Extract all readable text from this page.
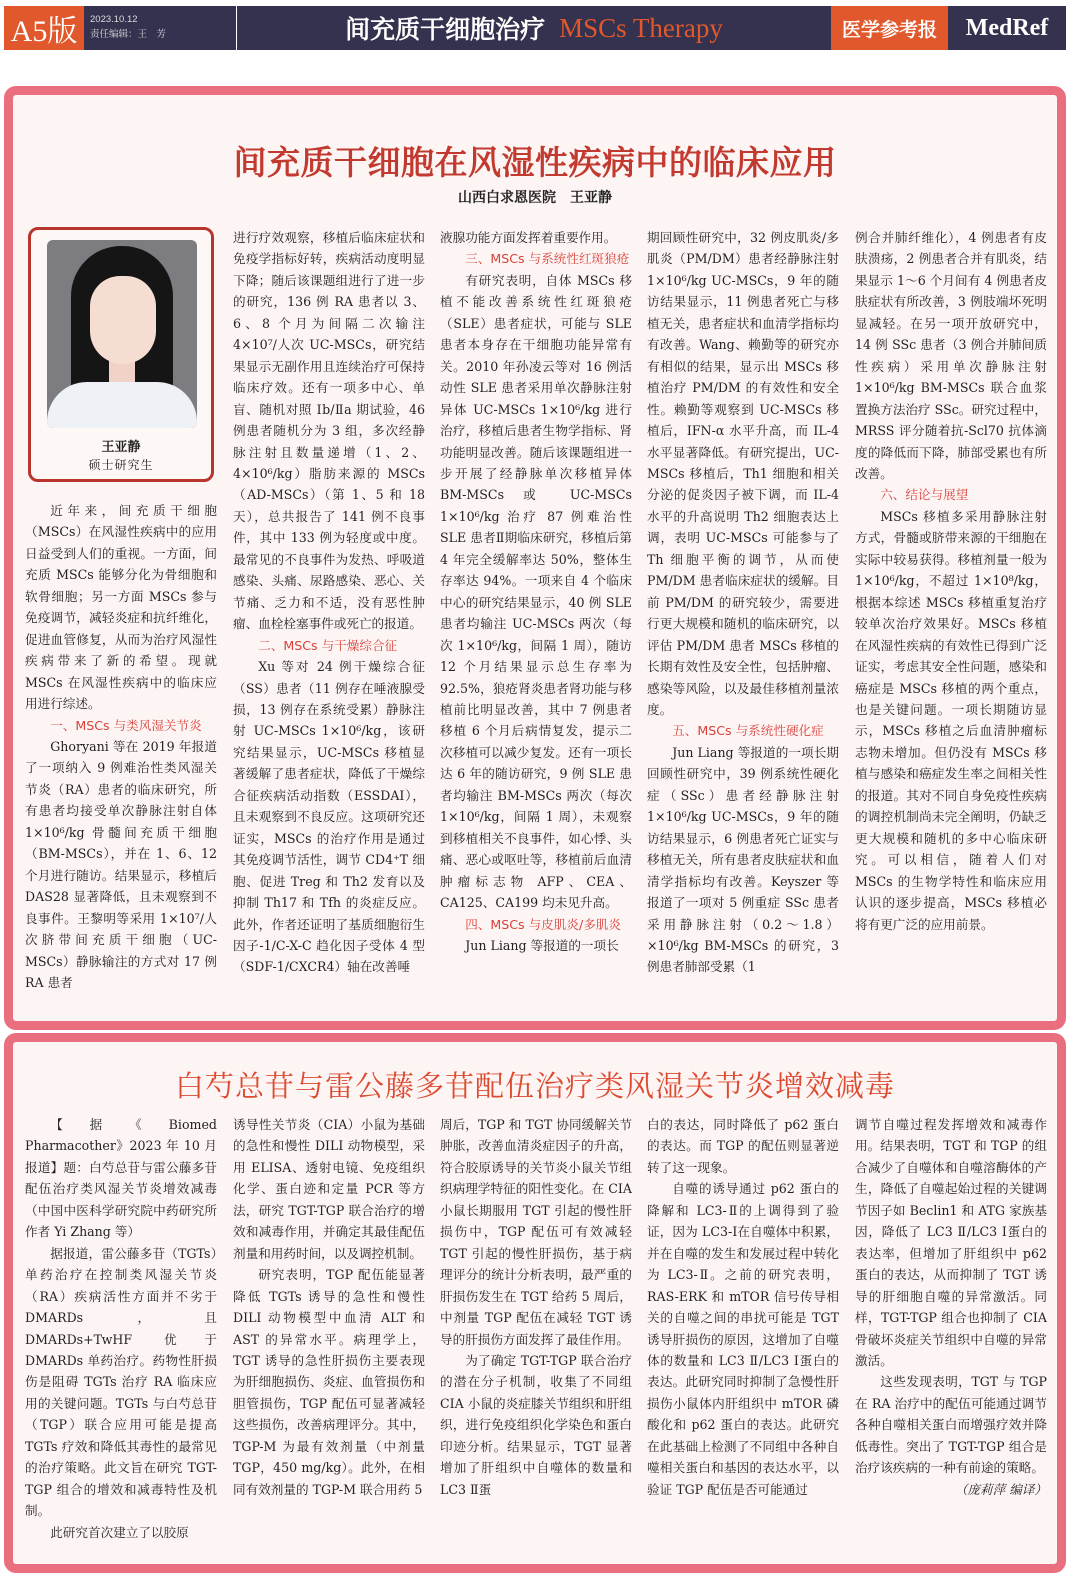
A5版	2023.10.12
责任编辑：王　芳	间充质干细胞治疗 MSCs Therapy	医学参考报	MedRef
间充质干细胞在风湿性疾病中的临床应用
山西白求恩医院　王亚静
王亚静
硕士研究生

近年来，间充质干细胞（MSCs）在风湿性疾病中的应用日益受到人们的重视。一方面，间充质 MSCs 能够分化为骨细胞和软骨细胞；另一方面 MSCs 参与免疫调节，减轻炎症和抗纤维化，促进血管修复，从而为治疗风湿性疾病带来了新的希望。现就 MSCs 在风湿性疾病中的临床应用进行综述。

一、MSCs 与类风湿关节炎

Ghoryani 等在 2019 年报道了一项纳入 9 例难治性类风湿关节炎（RA）患者的临床研究，所有患者均接受单次静脉注射自体 1×10⁶/kg 骨髓间充质干细胞（BM-MSCs），并在 1、6、12 个月进行随访。结果显示，移植后 DAS28 显著降低，且未观察到不良事件。王黎明等采用 1×10⁷/人次脐带间充质干细胞（UC-MSCs）静脉输注的方式对 17 例 RA 患者

进行疗效观察，移植后临床症状和免疫学指标好转，疾病活动度明显下降；随后该课题组进行了进一步的研究，136 例 RA 患者以 3、6、8 个月为间隔二次输注 4×10⁷/人次 UC-MSCs，研究结果显示无副作用且连续治疗可保持临床疗效。还有一项多中心、单盲、随机对照 Ⅰb/Ⅱa 期试验，46 例患者随机分为 3 组，多次经静脉注射且数量递增（1、2、4×10⁶/kg）脂肪来源的 MSCs（AD-MSCs）（第 1、5 和 18 天），总共报告了 141 例不良事件，其中 133 例为轻度或中度。最常见的不良事件为发热、呼吸道感染、头痛、尿路感染、恶心、关节痛、乏力和不适，没有恶性肿瘤、血栓栓塞事件或死亡的报道。

二、MSCs 与干燥综合征

Xu 等对 24 例干燥综合征（SS）患者（11 例存在唾液腺受损，13 例存在系统受累）静脉注射 UC-MSCs 1×10⁶/kg，该研究结果显示，UC-MSCs 移植显著缓解了患者症状，降低了干燥综合征疾病活动指数（ESSDAI），且未观察到不良反应。这项研究还证实，MSCs 的治疗作用是通过其免疫调节活性，调节 CD4⁺T 细胞、促进 Treg 和 Th2 发育以及抑制 Th17 和 Tfh 的炎症反应。此外，作者还证明了基质细胞衍生因子-1/C-X-C 趋化因子受体 4 型（SDF-1/CXCR4）轴在改善唾

液腺功能方面发挥着重要作用。

三、MSCs 与系统性红斑狼疮

有研究表明，自体 MSCs 移植不能改善系统性红斑狼疮（SLE）患者症状，可能与 SLE 患者本身存在干细胞功能异常有关。2010 年孙凌云等对 16 例活动性 SLE 患者采用单次静脉注射异体 UC-MSCs 1×10⁶/kg 进行治疗，移植后患者生物学指标、肾功能明显改善。随后该课题组进一步开展了经静脉单次移植异体 BM-MSCs 或 UC-MSCs 1×10⁶/kg 治疗 87 例难治性 SLE 患者Ⅱ期临床研究，移植后第 4 年完全缓解率达 50%，整体生存率达 94%。一项来自 4 个临床中心的研究结果显示，40 例 SLE 患者均输注 UC-MSCs 两次（每次 1×10⁶/kg，间隔 1 周），随访 12 个月结果显示总生存率为 92.5%，狼疮肾炎患者肾功能与移植前比明显改善，其中 7 例患者移植 6 个月后病情复发，提示二次移植可以减少复发。还有一项长达 6 年的随访研究，9 例 SLE 患者均输注 BM-MSCs 两次（每次 1×10⁶/kg，间隔 1 周），未观察到移植相关不良事件，如心悸、头痛、恶心或呕吐等，移植前后血清肿瘤标志物 AFP、CEA、CA125、CA199 均未见升高。

四、MSCs 与皮肌炎/多肌炎

Jun Liang 等报道的一项长

期回顾性研究中，32 例皮肌炎/多肌炎（PM/DM）患者经静脉注射 1×10⁶/kg UC-MSCs，9 年的随访结果显示，11 例患者死亡与移植无关，患者症状和血清学指标均有改善。Wang、赖勤等的研究亦有相似的结果，显示出 MSCs 移植治疗 PM/DM 的有效性和安全性。赖勤等观察到 UC-MSCs 移植后，IFN-α 水平升高，而 IL-4 水平显著降低。有研究提出，UC-MSCs 移植后，Th1 细胞和相关分泌的促炎因子被下调，而 IL-4 水平的升高说明 Th2 细胞表达上调，表明 UC-MSCs 可能参与了 Th 细胞平衡的调节，从而使 PM/DM 患者临床症状的缓解。目前 PM/DM 的研究较少，需要进行更大规模和随机的临床研究，以评估 PM/DM 患者 MSCs 移植的长期有效性及安全性，包括肿瘤、感染等风险，以及最佳移植剂量浓度。

五、MSCs 与系统性硬化症

Jun Liang 等报道的一项长期回顾性研究中，39 例系统性硬化症（SSc）患者经静脉注射 1×10⁶/kg UC-MSCs，9 年的随访结果显示，6 例患者死亡证实与移植无关，所有患者皮肤症状和血清学指标均有改善。Keyszer 等报道了一项对 5 例重症 SSc 患者采用静脉注射（0.2～1.8）×10⁶/kg BM-MSCs 的研究，3 例患者肺部受累（1

例合并肺纤维化），4 例患者有皮肤溃疡，2 例患者合并有肌炎，结果显示 1～6 个月间有 4 例患者皮肤症状有所改善，3 例肢端坏死明显减轻。在另一项开放研究中，14 例 SSc 患者（3 例合并肺间质性疾病）采用单次静脉注射 1×10⁶/kg BM-MSCs 联合血浆置换方法治疗 SSc。研究过程中，MRSS 评分随着抗-Scl70 抗体滴度的降低而下降，肺部受累也有所改善。

六、结论与展望

MSCs 移植多采用静脉注射方式，骨髓或脐带来源的干细胞在实际中较易获得。移植剂量一般为 1×10⁶/kg，不超过 1×10⁸/kg，根据本综述 MSCs 移植重复治疗较单次治疗效果好。MSCs 移植在风湿性疾病的有效性已得到广泛证实，考虑其安全性问题，感染和癌症是 MSCs 移植的两个重点，也是关键问题。一项长期随访显示，MSCs 移植之后血清肿瘤标志物未增加。但仍没有 MSCs 移植与感染和癌症发生率之间相关性的报道。其对不同自身免疫性疾病的调控机制尚未完全阐明，仍缺乏更大规模和随机的多中心临床研究。可以相信，随着人们对 MSCs 的生物学特性和临床应用认识的逐步提高，MSCs 移植必将有更广泛的应用前景。

白芍总苷与雷公藤多苷配伍治疗类风湿关节炎增效减毒

【据《Biomed Pharmacother》2023 年 10 月报道】题：白芍总苷与雷公藤多苷配伍治疗类风湿关节炎增效减毒（中国中医科学研究院中药研究所 作者 Yi Zhang 等）

据报道，雷公藤多苷（TGTs）单药治疗在控制类风湿关节炎（RA）疾病活性方面并不劣于 DMARDs，且 DMARDs+TwHF 优于 DMARDs 单药治疗。药物性肝损伤是阻碍 TGTs 治疗 RA 临床应用的关键问题。TGTs 与白芍总苷（TGP）联合应用可能是提高 TGTs 疗效和降低其毒性的最常见的治疗策略。此文旨在研究 TGT-TGP 组合的增效和减毒特性及机制。

此研究首次建立了以胶原

诱导性关节炎（CIA）小鼠为基础的急性和慢性 DILI 动物模型，采用 ELISA、透射电镜、免疫组织化学、蛋白迹和定量 PCR 等方法，研究 TGT-TGP 联合治疗的增效和减毒作用，并确定其最佳配伍剂量和用药时间，以及调控机制。

研究表明，TGP 配伍能显著降低 TGTs 诱导的急性和慢性 DILI 动物模型中血清 ALT 和 AST 的异常水平。病理学上，TGT 诱导的急性肝损伤主要表现为肝细胞损伤、炎症、血管损伤和胆管损伤，TGP 配伍可显著减轻这些损伤，改善病理评分。其中，TGP-M 为最有效剂量（中剂量 TGP，450 mg/kg）。此外，在相同有效剂量的 TGP-M 联合用药 5

周后，TGP 和 TGT 协同缓解关节肿胀，改善血清炎症因子的升高，符合胶原诱导的关节炎小鼠关节组织病理学特征的阳性变化。在 CIA 小鼠长期服用 TGT 引起的慢性肝损伤中，TGP 配伍可有效减轻 TGT 引起的慢性肝损伤，基于病理评分的统计分析表明，最严重的肝损伤发生在 TGT 给药 5 周后，中剂量 TGP 配伍在减轻 TGT 诱导的肝损伤方面发挥了最佳作用。

为了确定 TGT-TGP 联合治疗的潜在分子机制，收集了不同组 CIA 小鼠的炎症膝关节组织和肝组织，进行免疫组织化学染色和蛋白印迹分析。结果显示，TGT 显著增加了肝组织中自噬体的数量和 LC3 Ⅱ蛋

白的表达，同时降低了 p62 蛋白的表达。而 TGP 的配伍则显著逆转了这一现象。

自噬的诱导通过 p62 蛋白的降解和 LC3-Ⅱ的上调得到了验证，因为 LC3-Ⅰ在自噬体中积累，并在自噬的发生和发展过程中转化为 LC3-Ⅱ。之前的研究表明，RAS-ERK 和 mTOR 信号传导相关的自噬之间的串扰可能是 TGT 诱导肝损伤的原因，这增加了自噬体的数量和 LC3 Ⅱ/LC3 Ⅰ蛋白的表达。此研究同时抑制了急慢性肝损伤小鼠体内肝组织中 mTOR 磷酸化和 p62 蛋白的表达。此研究在此基础上检测了不同组中各种自噬相关蛋白和基因的表达水平，以验证 TGP 配伍是否可能通过

调节自噬过程发挥增效和减毒作用。结果表明，TGT 和 TGP 的组合减少了自噬体和自噬溶酶体的产生，降低了自噬起始过程的关键调节因子如 Beclin1 和 ATG 家族基因，降低了 LC3 Ⅱ/LC3 Ⅰ蛋白的表达率，但增加了肝组织中 p62 蛋白的表达，从而抑制了 TGT 诱导的肝细胞自噬的异常激活。同样，TGT-TGP 组合也抑制了 CIA 骨破坏炎症关节组织中自噬的异常激活。

这些发现表明，TGT 与 TGP 在 RA 治疗中的配伍可能通过调节各种自噬相关蛋白而增强疗效并降低毒性。突出了 TGT-TGP 组合是治疗该疾病的一种有前途的策略。

（庞莉萍 编译）
